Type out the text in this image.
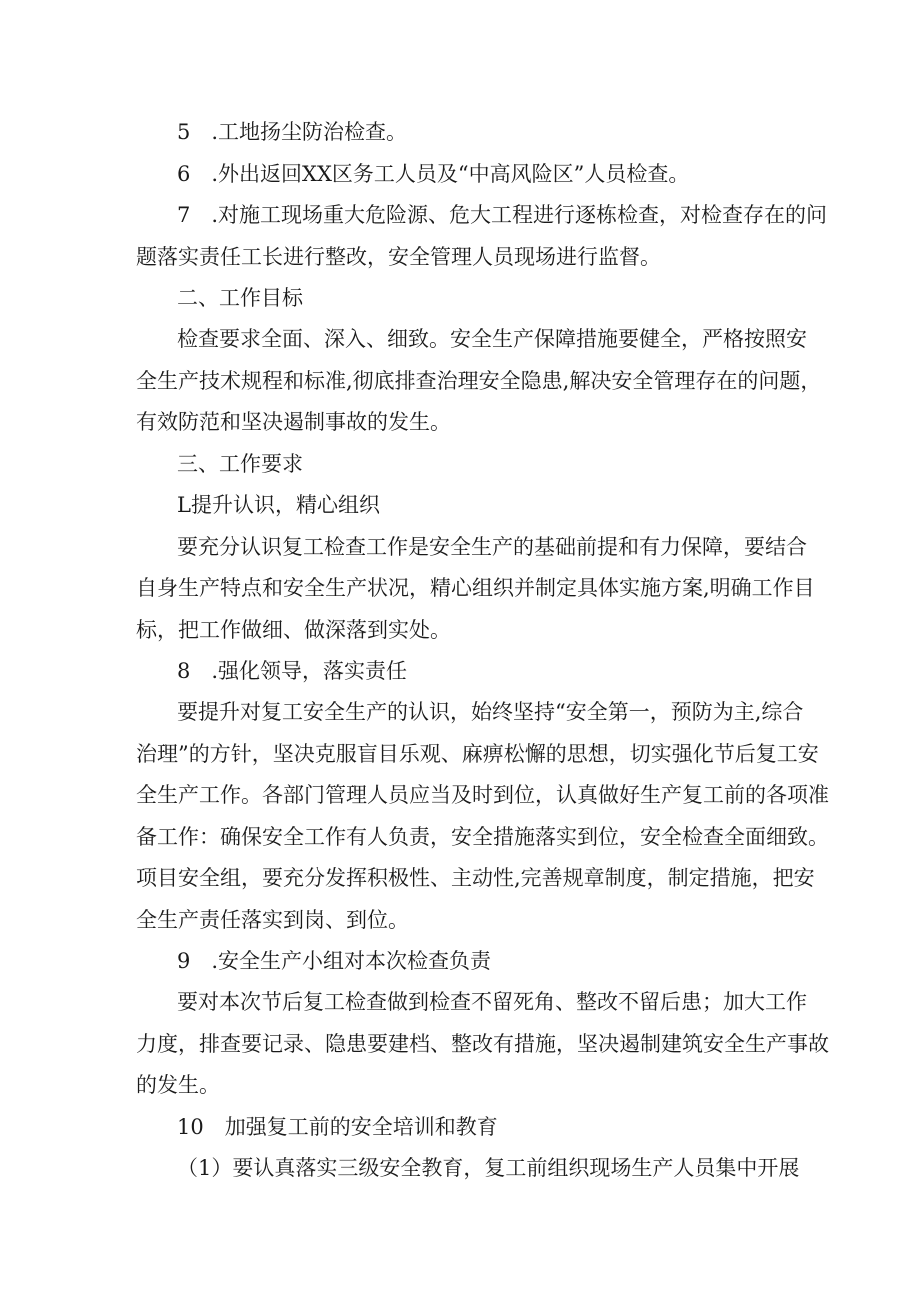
5　.工地扬尘防治检查。
6　.外出返回XX区务工人员及“中高风险区”人员检查。
7　.对施工现场重大危险源、危大工程进行逐栋检查，对检查存在的问
题落实责任工长进行整改，安全管理人员现场进行监督。
二、工作目标
检查要求全面、深入、细致。安全生产保障措施要健全，严格按照安
全生产技术规程和标准,彻底排查治理安全隐患,解决安全管理存在的问题，
有效防范和坚决遏制事故的发生。
三、工作要求
L提升认识，精心组织
要充分认识复工检查工作是安全生产的基础前提和有力保障，要结合
自身生产特点和安全生产状况，精心组织并制定具体实施方案,明确工作目
标，把工作做细、做深落到实处。
8　.强化领导，落实责任
要提升对复工安全生产的认识，始终坚持“安全第一，预防为主,综合
治理”的方针，坚决克服盲目乐观、麻痹松懈的思想，切实强化节后复工安
全生产工作。各部门管理人员应当及时到位，认真做好生产复工前的各项准
备工作：确保安全工作有人负责，安全措施落实到位，安全检查全面细致。
项目安全组，要充分发挥积极性、主动性,完善规章制度，制定措施，把安
全生产责任落实到岗、到位。
9　.安全生产小组对本次检查负责
要对本次节后复工检查做到检查不留死角、整改不留后患；加大工作
力度，排查要记录、隐患要建档、整改有措施，坚决遏制建筑安全生产事故
的发生。
10　加强复工前的安全培训和教育
（1）要认真落实三级安全教育，复工前组织现场生产人员集中开展
